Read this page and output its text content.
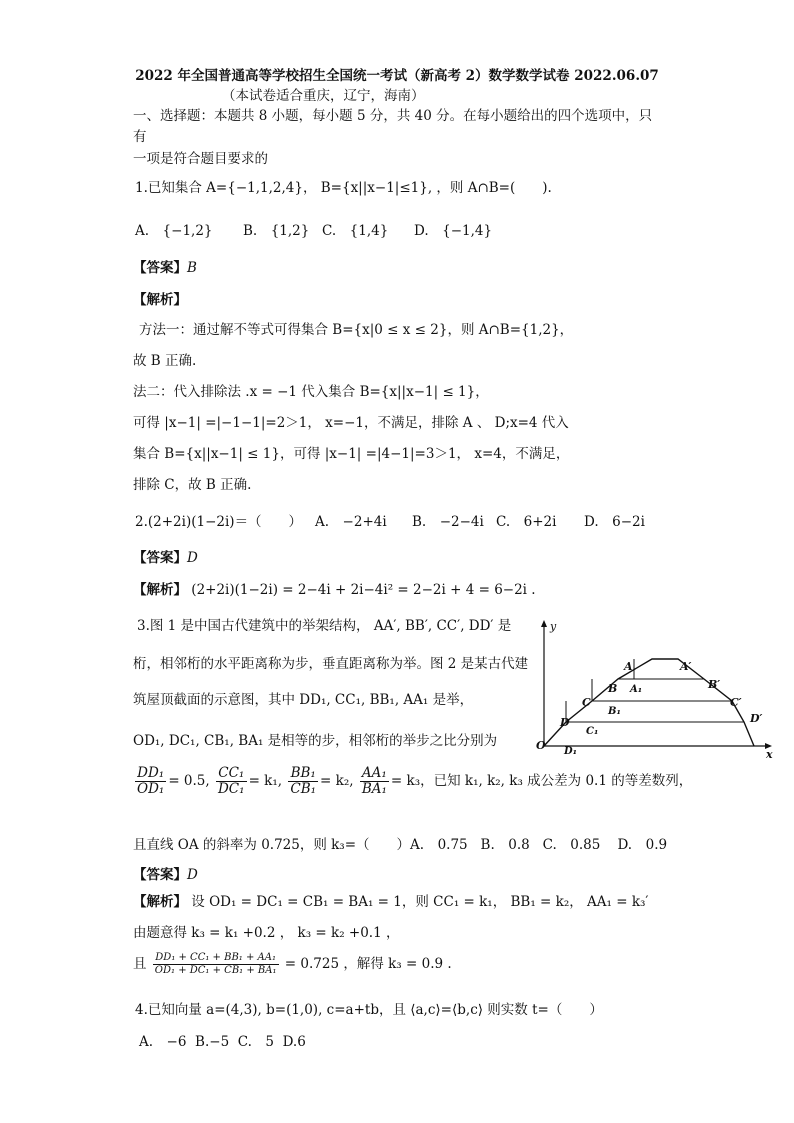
2022 年全国普通高等学校招生全国统一考试（新高考 2）数学数学试卷 2022.06.07
（本试卷适合重庆，辽宁，海南）
一、选择题：本题共 8 小题，每小题 5 分，共 40 分。在每小题给出的四个选项中，只
有
一项是符合题目要求的
1.已知集合 A={−1,1,2,4}， B={x||x−1|≤1}, ，则 A∩B=(　　).
A.　{−1,2} B.　{1,2} C.　{1,4} D.　{−1,4}
【答案】B
【解析】
方法一：通过解不等式可得集合 B={x|0 ≤ x ≤ 2}，则 A∩B={1,2}，
故 B 正确.
法二：代入排除法 .x = −1 代入集合 B={x||x−1| ≤ 1}，
可得 |x−1| =|−1−1|=2＞1， x=−1，不满足，排除 A 、 D;x=4 代入
集合 B={x||x−1| ≤ 1}，可得 |x−1| =|4−1|=3＞1， x=4，不满足，
排除 C，故 B 正确.
2.(2+2i)(1−2i)＝（　　） A.　−2+4i B.　−2−4i C.　6+2i D.　6−2i
【答案】D
【解析】 (2+2i)(1−2i) = 2−4i + 2i−4i² = 2−2i + 4 = 6−2i .
3.图 1 是中国古代建筑中的举架结构， AA′, BB′, CC′, DD′ 是
桁，相邻桁的水平距离称为步，垂直距离称为举。图 2 是某古代建
筑屋顶截面的示意图，其中 DD₁, CC₁, BB₁, AA₁ 是举，
OD₁, DC₁, CB₁, BA₁ 是相等的步，相邻桁的举步之比分别为
$\frac{\text{DD₁}}{\text{OD₁}} = 0.5$, $\frac{\text{CC₁}}{\text{DC₁}} = k_1$, $\frac{\text{BB₁}}{\text{CB₁}} = k_2$, $\frac{\text{AA₁}}{\text{BA₁}} = k_3$，已知 k₁, k₂, k₃ 成公差为 0.1 的等差数列，
且直线 OA 的斜率为 0.725，则 k₃=（　　）A.　0.75 B.　0.8 C.　0.85 D.　0.9
【答案】D
【解析】 设 OD₁ = DC₁ = CB₁ = BA₁ = 1，则 CC₁ = k₁， BB₁ = k₂， AA₁ = k₃′
由题意得 k₃ = k₁ +0.2 ， k₃ = k₂ +0.1 ，
且 $\frac{\text{DD₁ + CC₁ + BB₁ + AA₁}}{\text{OD₁ + DC₁ + CB₁ + BA₁}} = 0.725$ ，解得 k₃ = 0.9 .
4.已知向量 a=(4,3), b=(1,0), c=a+tb，且 ⟨a,c⟩=⟨b,c⟩ 则实数 t=（　　）
A.　−6 B.−5 C.　5 D.6
y
x
O
A	A′
A₁
B	B′
B₁
C	C′
C₁
D	D′
D₁
